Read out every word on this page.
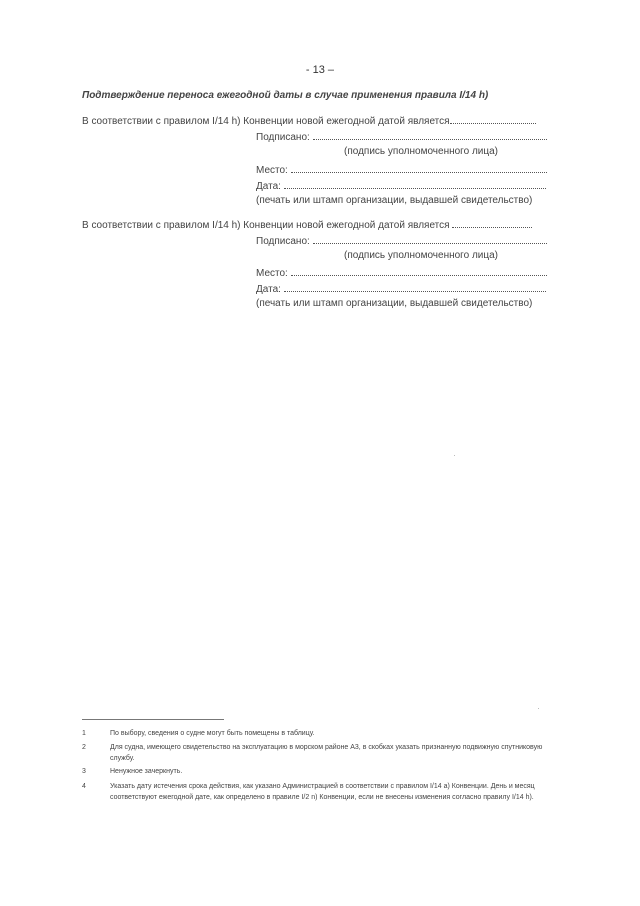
- 13 –
Подтверждение переноса ежегодной даты в случае применения правила I/14 h)
В соответствии с правилом I/14 h) Конвенции новой ежегодной датой является
Подписано:
(подпись уполномоченного лица)
Место:
Дата:
(печать или штамп организации, выдавшей свидетельство)
В соответствии с правилом I/14 h) Конвенции новой ежегодной датой является
Подписано:
(подпись уполномоченного лица)
Место:
Дата:
(печать или штамп организации, выдавшей свидетельство)
1	По выбору, сведения о судне могут быть помещены в таблицу.
2	Для судна, имеющего свидетельство на эксплуатацию в морском районе А3, в скобках указать признанную подвижную спутниковую службу.
3	Ненужное зачеркнуть.
4	Указать дату истечения срока действия, как указано Администрацией в соответствии с правилом I/14 а) Конвенции. День и месяц соответствуют ежегодной дате, как определено в правиле I/2 n) Конвенции, если не внесены изменения согласно правилу I/14 h).
